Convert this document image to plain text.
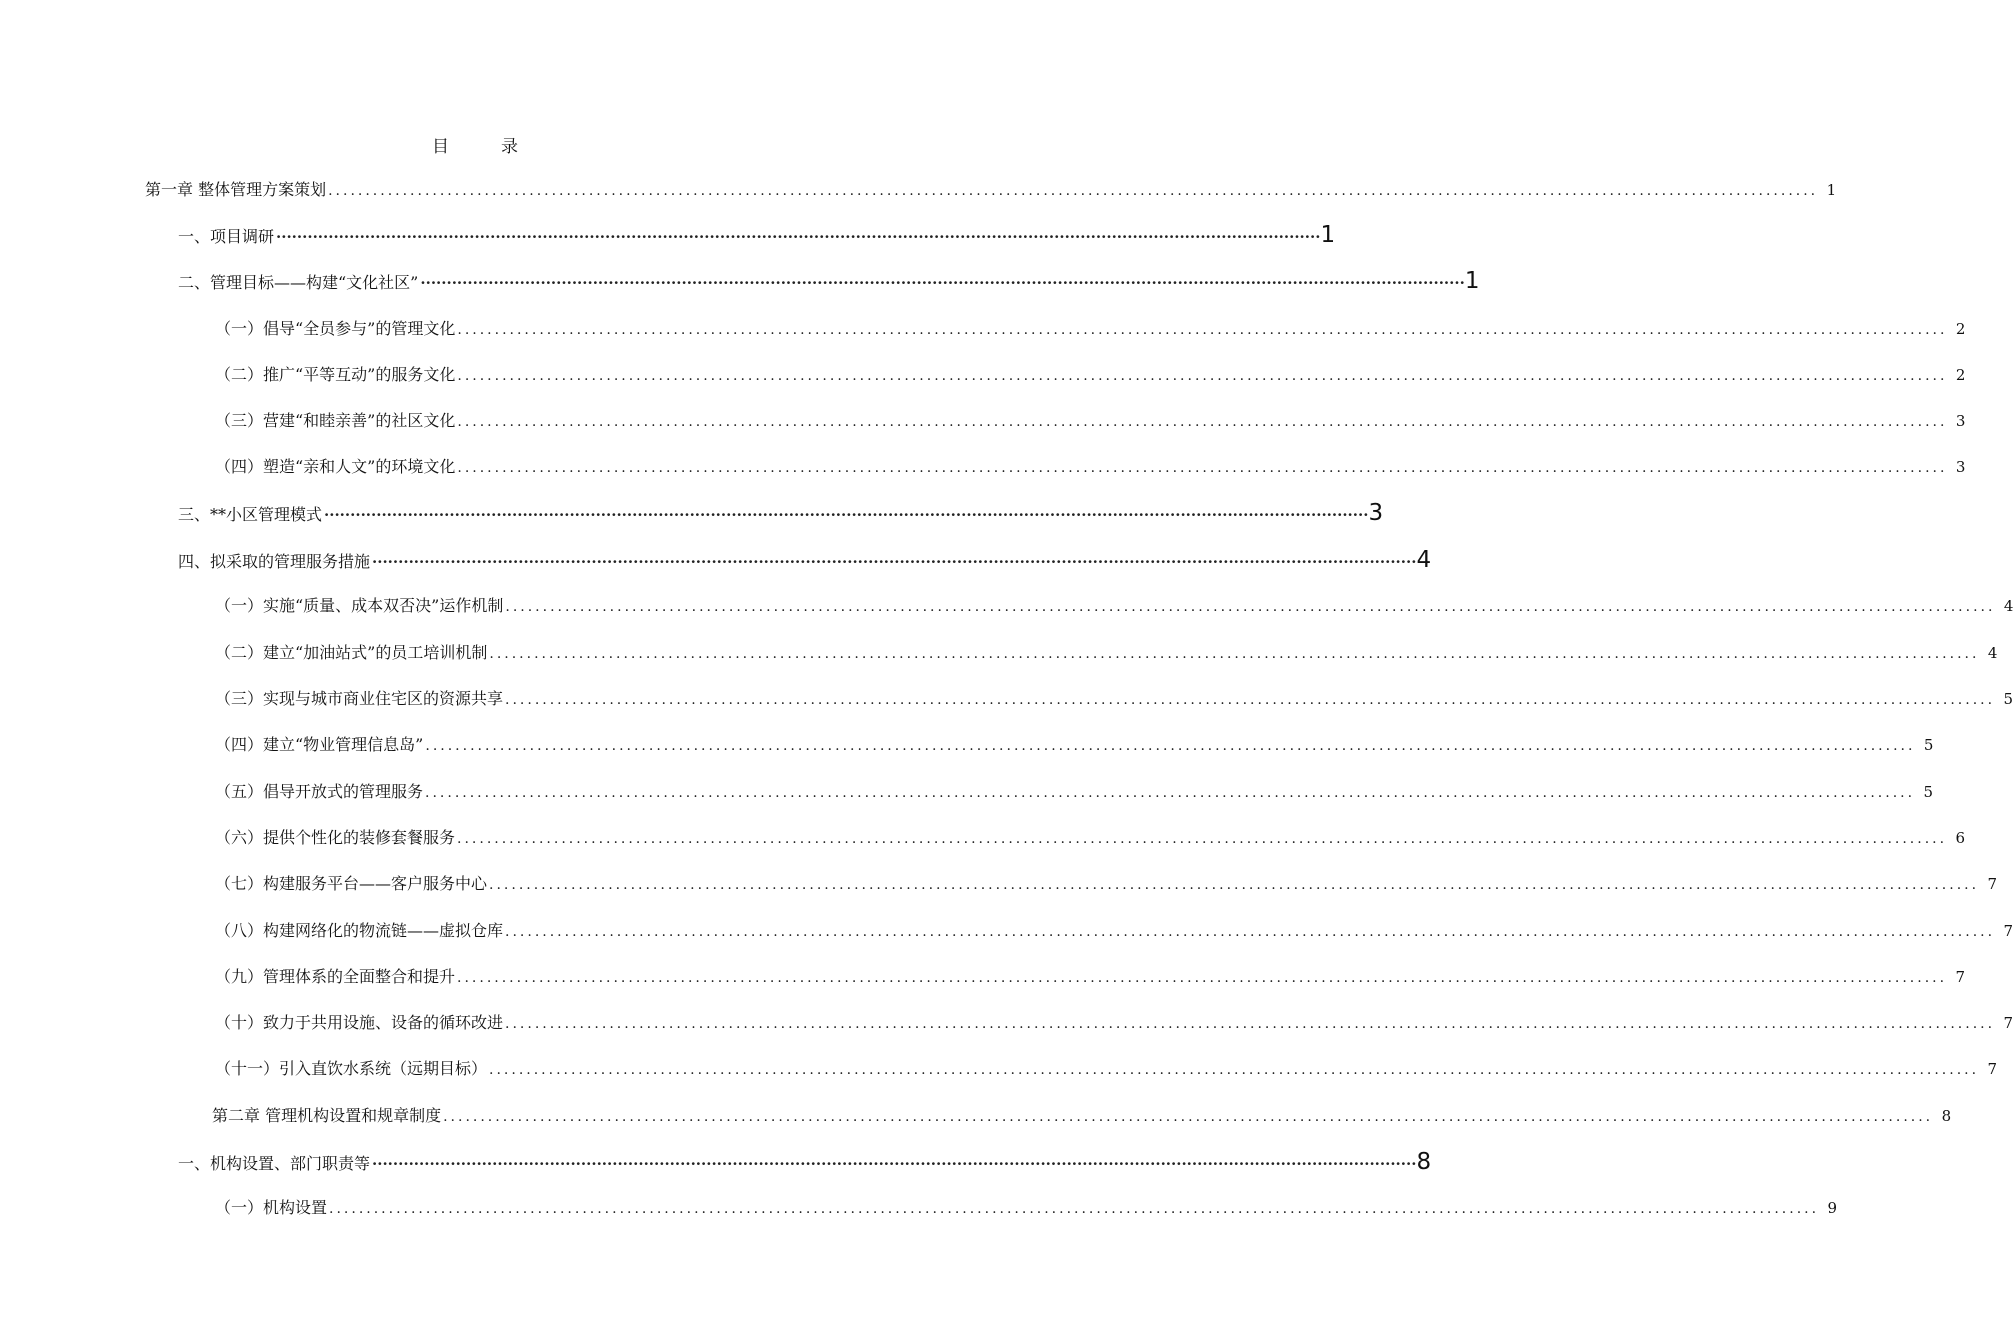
目	录
第一章 整体管理方案策划 ........................................................................................................................................................................................................ 1
一、项目调研 ········································································································································································································ 1
二、管理目标——构建“文化社区” ········································································································································································································ 1
（一）倡导“全员参与”的管理文化 ........................................................................................................................................................................................................ 2
（二）推广“平等互动”的服务文化 ........................................................................................................................................................................................................ 2
（三）营建“和睦亲善”的社区文化 ........................................................................................................................................................................................................ 3
（四）塑造“亲和人文”的环境文化 ........................................................................................................................................................................................................ 3
三、**小区管理模式 ········································································································································································································ 3
四、拟采取的管理服务措施 ········································································································································································································ 4
（一）实施“质量、成本双否决”运作机制 ........................................................................................................................................................................................................ 4
（二）建立“加油站式”的员工培训机制 ........................................................................................................................................................................................................ 4
（三）实现与城市商业住宅区的资源共享 ........................................................................................................................................................................................................ 5
（四）建立“物业管理信息岛” ........................................................................................................................................................................................................ 5
（五）倡导开放式的管理服务 ........................................................................................................................................................................................................ 5
（六）提供个性化的装修套餐服务 ........................................................................................................................................................................................................ 6
（七）构建服务平台——客户服务中心 ........................................................................................................................................................................................................ 7
（八）构建网络化的物流链——虚拟仓库 ........................................................................................................................................................................................................ 7
（九）管理体系的全面整合和提升 ........................................................................................................................................................................................................ 7
（十）致力于共用设施、设备的循环改进 ........................................................................................................................................................................................................ 7
（十一）引入直饮水系统（远期目标） ........................................................................................................................................................................................................ 7
第二章 管理机构设置和规章制度 ........................................................................................................................................................................................................ 8
一、机构设置、部门职责等 ········································································································································································································ 8
（一）机构设置 ........................................................................................................................................................................................................ 9
